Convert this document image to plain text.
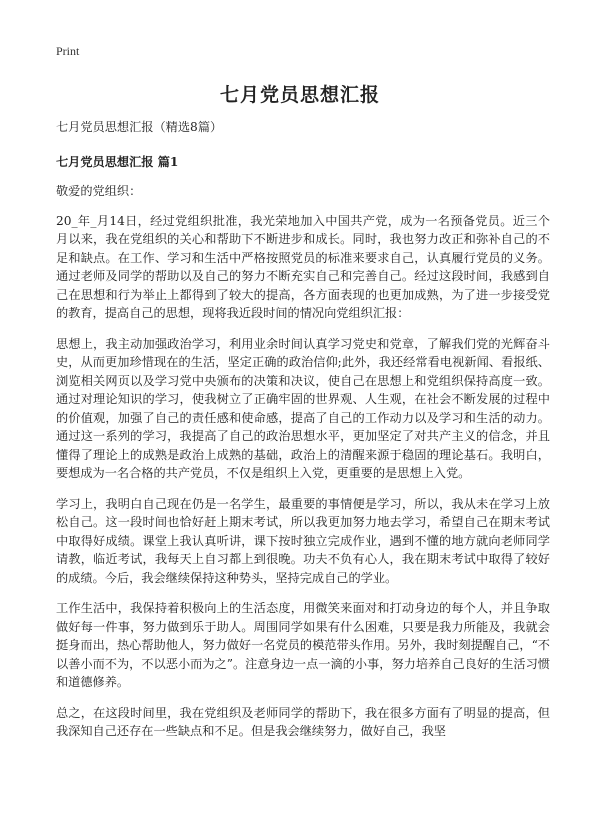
Print
七月党员思想汇报

七月党员思想汇报（精选8篇）

七月党员思想汇报 篇1

敬爱的党组织：

20_年_月14日，经过党组织批准，我光荣地加入中国共产党，成为一名预备党员。近三个月以来，我在党组织的关心和帮助下不断进步和成长。同时，我也努力改正和弥补自己的不足和缺点。在工作、学习和生活中严格按照党员的标准来要求自己，认真履行党员的义务。通过老师及同学的帮助以及自己的努力不断充实自己和完善自己。经过这段时间，我感到自己在思想和行为举止上都得到了较大的提高，各方面表现的也更加成熟，为了进一步接受党的教育，提高自己的思想，现将我近段时间的情况向党组织汇报：

思想上，我主动加强政治学习，利用业余时间认真学习党史和党章，了解我们党的光辉奋斗史，从而更加珍惜现在的生活，坚定正确的政治信仰;此外，我还经常看电视新闻、看报纸、浏览相关网页以及学习党中央颁布的决策和决议，使自己在思想上和党组织保持高度一致。通过对理论知识的学习，使我树立了正确牢固的世界观、人生观，在社会不断发展的过程中的价值观，加强了自己的责任感和使命感，提高了自己的工作动力以及学习和生活的动力。通过这一系列的学习，我提高了自己的政治思想水平，更加坚定了对共产主义的信念，并且懂得了理论上的成熟是政治上成熟的基础，政治上的清醒来源于稳固的理论基石。我明白，要想成为一名合格的共产党员，不仅是组织上入党，更重要的是思想上入党。

学习上，我明白自己现在仍是一名学生，最重要的事情便是学习，所以，我从未在学习上放松自己。这一段时间也恰好赶上期末考试，所以我更加努力地去学习，希望自己在期末考试中取得好成绩。课堂上我认真听讲，课下按时独立完成作业，遇到不懂的地方就向老师同学请教，临近考试，我每天上自习都上到很晚。功夫不负有心人，我在期末考试中取得了较好的成绩。今后，我会继续保持这种势头，坚持完成自己的学业。

工作生活中，我保持着积极向上的生活态度，用微笑来面对和打动身边的每个人，并且争取做好每一件事，努力做到乐于助人。周围同学如果有什么困难，只要是我力所能及，我就会挺身而出，热心帮助他人，努力做好一名党员的模范带头作用。另外，我时刻提醒自己，“不以善小而不为，不以恶小而为之”。注意身边一点一滴的小事，努力培养自己良好的生活习惯和道德修养。

总之，在这段时间里，我在党组织及老师同学的帮助下，我在很多方面有了明显的提高，但我深知自己还存在一些缺点和不足。但是我会继续努力，做好自己，我坚
